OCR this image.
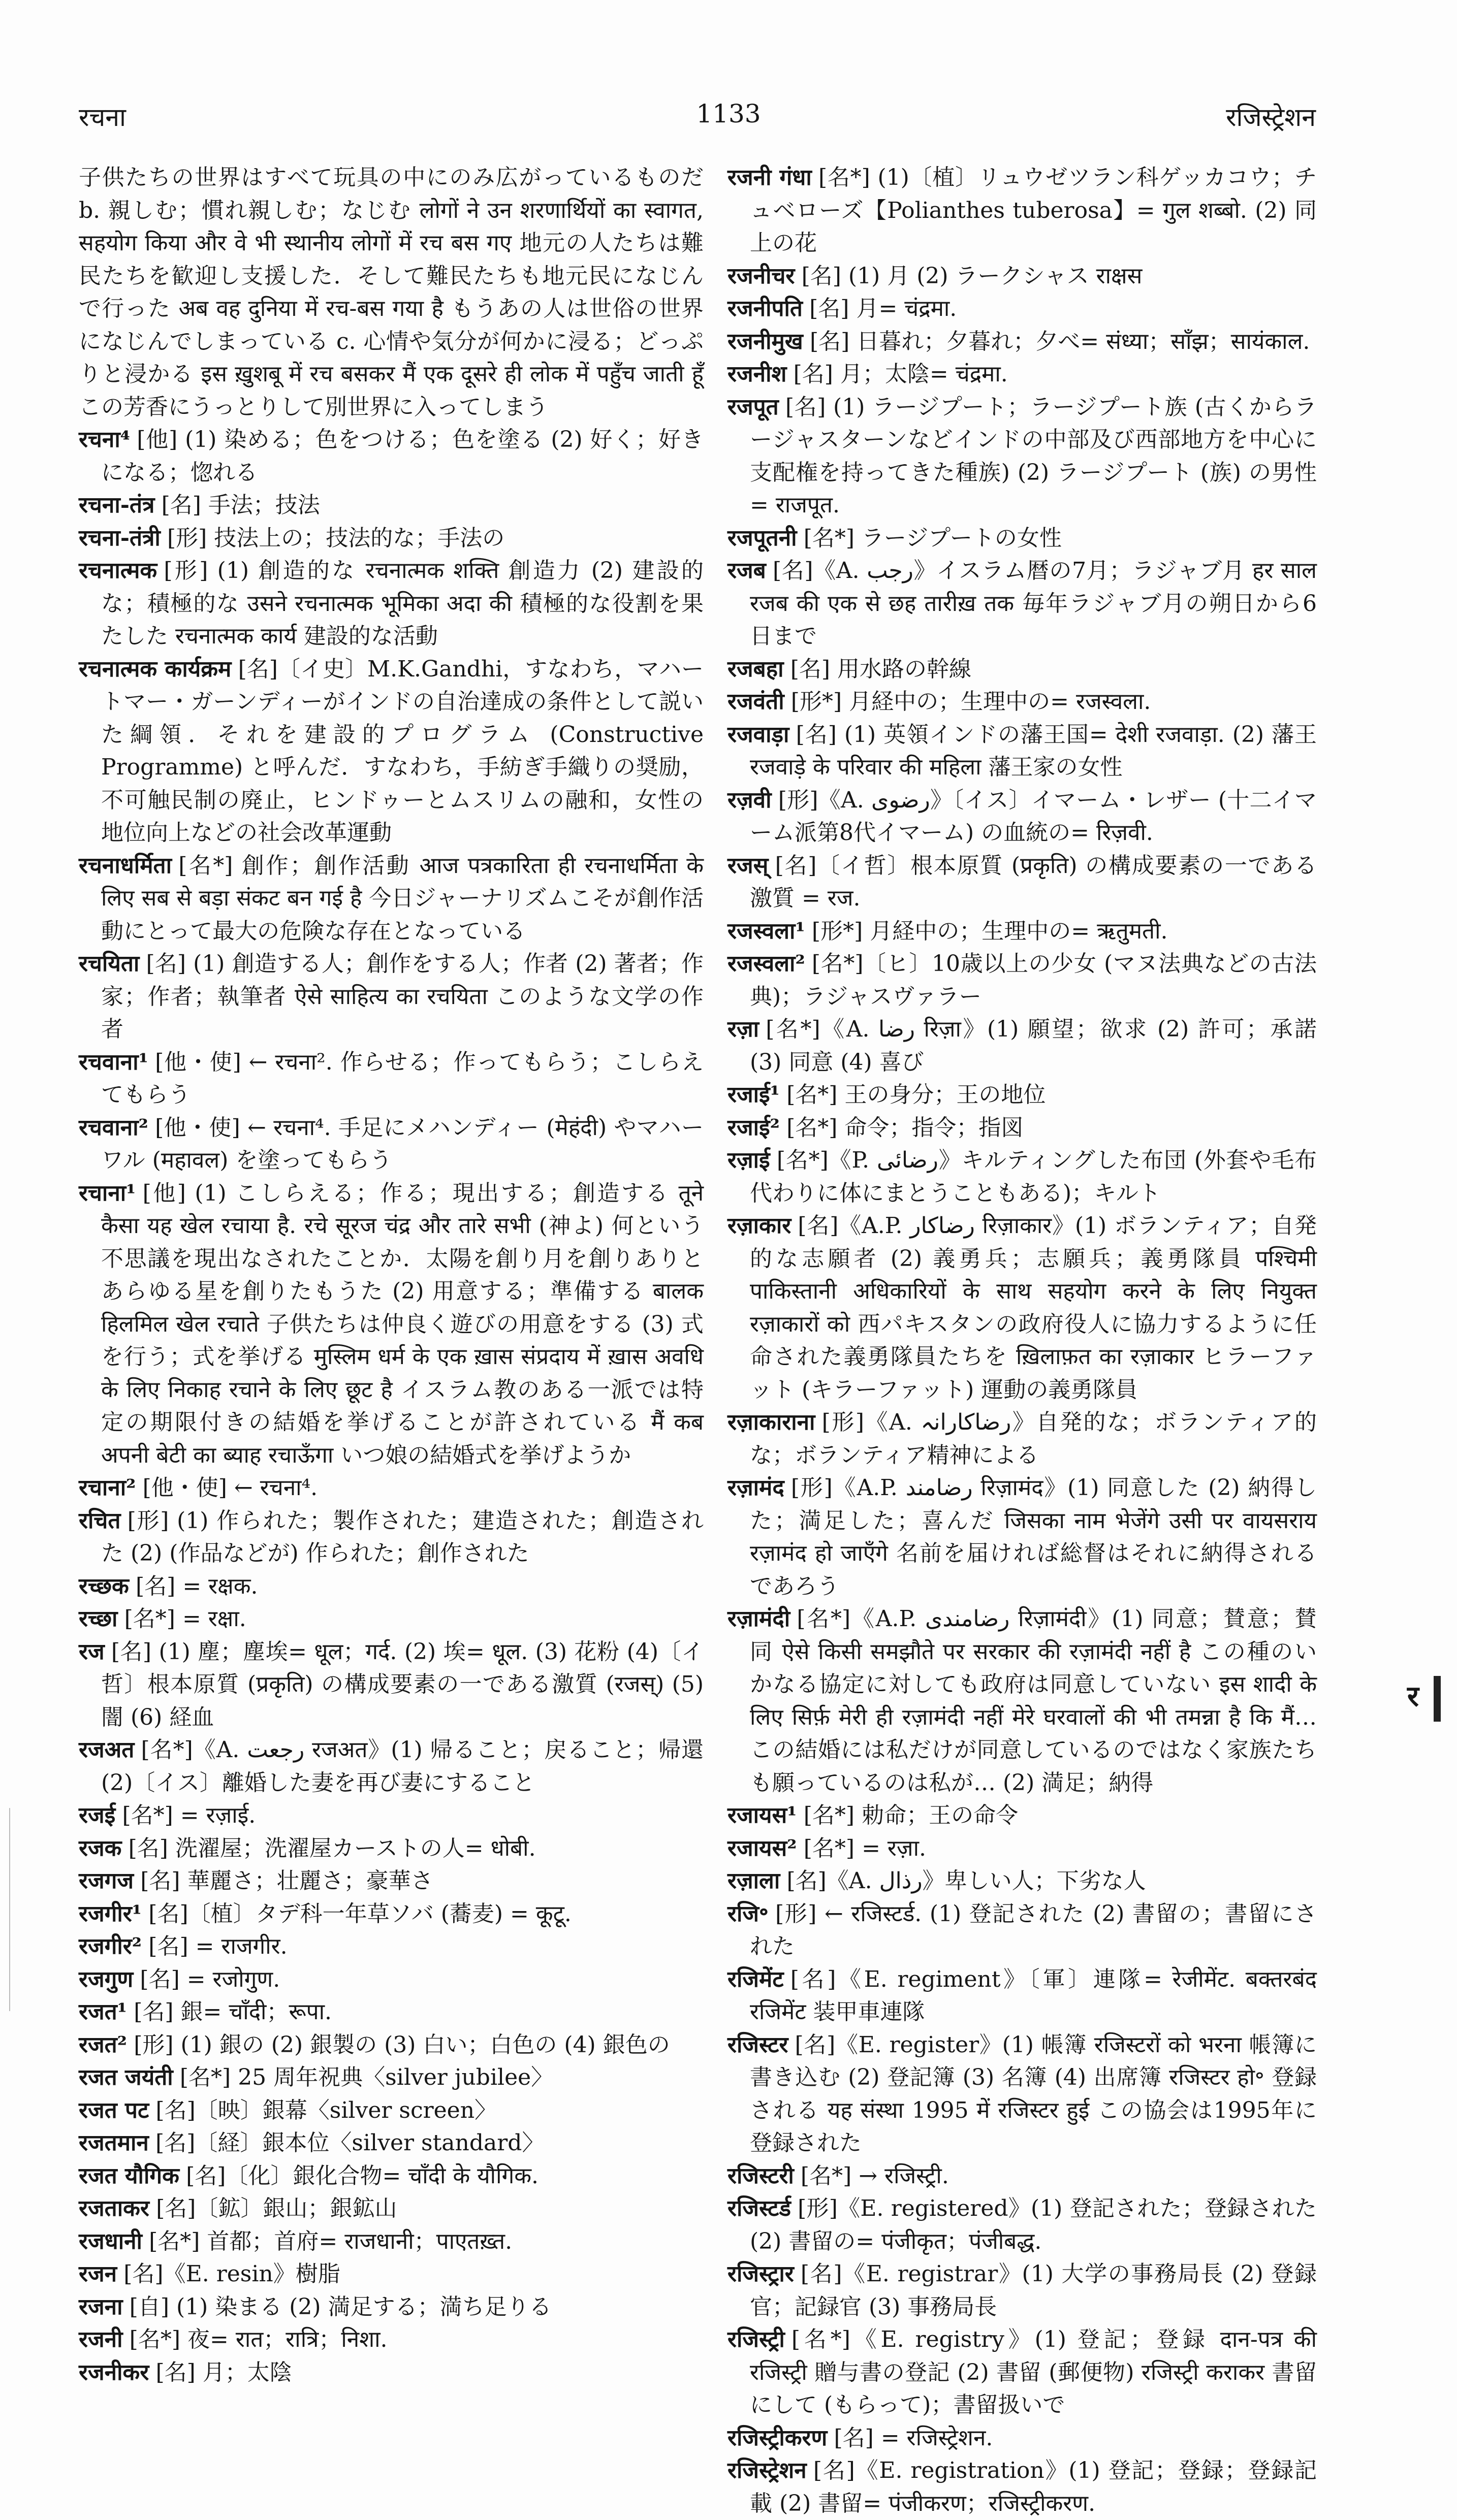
रचना	1133	रजिस्ट्रेशन

子供たちの世界はすべて玩具の中にのみ広がっているものだ b. 親しむ；慣れ親しむ；なじむ लोगों ने उन शरणार्थियों का स्वागत, सहयोग किया और वे भी स्थानीय लोगों में रच बस गए 地元の人たちは難民たちを歓迎し支援した．そして難民たちも地元民になじんで行った अब वह दुनिया में रच-बस गया है もうあの人は世俗の世界になじんでしまっている c. 心情や気分が何かに浸る；どっぷりと浸かる इस ख़ुशबू में रच बसकर मैं एक दूसरे ही लोक में पहुँच जाती हूँ この芳香にうっとりして別世界に入ってしまう

रचना⁴ [他] (1) 染める；色をつける；色を塗る (2) 好く；好きになる；惚れる

रचना-तंत्र [名] 手法；技法

रचना-तंत्री [形] 技法上の；技法的な；手法の

रचनात्मक [形] (1) 創造的な रचनात्मक शक्ति 創造力 (2) 建設的な；積極的な उसने रचनात्मक भूमिका अदा की 積極的な役割を果たした रचनात्मक कार्य 建設的な活動

रचनात्मक कार्यक्रम [名]〔イ史〕M.K.Gandhi，すなわち，マハートマー・ガーンディーがインドの自治達成の条件として説いた綱領．それを建設的プログラム (Constructive Programme) と呼んだ．すなわち，手紡ぎ手織りの奨励，不可触民制の廃止，ヒンドゥーとムスリムの融和，女性の地位向上などの社会改革運動

रचनाधर्मिता [名*] 創作；創作活動 आज पत्रकारिता ही रचनाधर्मिता के लिए सब से बड़ा संकट बन गई है 今日ジャーナリズムこそが創作活動にとって最大の危険な存在となっている

रचयिता [名] (1) 創造する人；創作をする人；作者 (2) 著者；作家；作者；執筆者 ऐसे साहित्य का रचयिता このような文学の作者

रचवाना¹ [他・使] ← रचना². 作らせる；作ってもらう；こしらえてもらう

रचवाना² [他・使] ← रचना⁴. 手足にメハンディー (मेहंदी) やマハーワル (महावल) を塗ってもらう

रचाना¹ [他] (1) こしらえる；作る；現出する；創造する तूने कैसा यह खेल रचाया है. रचे सूरज चंद्र और तारे सभी (神よ) 何という不思議を現出なされたことか．太陽を創り月を創りありとあらゆる星を創りたもうた (2) 用意する；準備する बालक हिलमिल खेल रचाते 子供たちは仲良く遊びの用意をする (3) 式を行う；式を挙げる मुस्लिम धर्म के एक ख़ास संप्रदाय में ख़ास अवधि के लिए निकाह रचाने के लिए छूट है イスラム教のある一派では特定の期限付きの結婚を挙げることが許されている मैं कब अपनी बेटी का ब्याह रचाऊँगा いつ娘の結婚式を挙げようか

रचाना² [他・使] ← रचना⁴.

रचित [形] (1) 作られた；製作された；建造された；創造された (2) (作品などが) 作られた；創作された

रच्छक [名] = रक्षक.

रच्छा [名*] = रक्षा.

रज [名] (1) 塵；塵埃= धूल；गर्द. (2) 埃= धूल. (3) 花粉 (4)〔イ哲〕根本原質 (प्रकृति) の構成要素の一である激質 (रजस्) (5) 闇 (6) 経血

रजअत [名*]《A. رجعت रजअत》(1) 帰ること；戻ること；帰還 (2)〔イス〕離婚した妻を再び妻にすること

रजई [名*] = रज़ाई.

रजक [名] 洗濯屋；洗濯屋カーストの人= धोबी.

रजगज [名] 華麗さ；壮麗さ；豪華さ

रजगीर¹ [名]〔植〕タデ科一年草ソバ (蕎麦) = कूटू.

रजगीर² [名] = राजगीर.

रजगुण [名] = रजोगुण.

रजत¹ [名] 銀= चाँदी；रूपा.

रजत² [形] (1) 銀の (2) 銀製の (3) 白い；白色の (4) 銀色の

रजत जयंती [名*] 25 周年祝典〈silver jubilee〉

रजत पट [名]〔映〕銀幕〈silver screen〉

रजतमान [名]〔経〕銀本位〈silver standard〉

रजत यौगिक [名]〔化〕銀化合物= चाँदी के यौगिक.

रजताकर [名]〔鉱〕銀山；銀鉱山

रजधानी [名*] 首都；首府= राजधानी；पाएतख़्त.

रजन [名]《E. resin》樹脂

रजना [自] (1) 染まる (2) 満足する；満ち足りる

रजनी [名*] 夜= रात；रात्रि；निशा.

रजनीकर [名] 月；太陰

रजनी गंधा [名*] (1)〔植〕リュウゼツラン科ゲッカコウ；チュベローズ【Polianthes tuberosa】= गुल शब्बो. (2) 同上の花

रजनीचर [名] (1) 月 (2) ラークシャス राक्षस

रजनीपति [名] 月= चंद्रमा.

रजनीमुख [名] 日暮れ；夕暮れ；夕べ= संध्या；साँझ；सायंकाल.

रजनीश [名] 月；太陰= चंद्रमा.

रजपूत [名] (1) ラージプート；ラージプート族 (古くからラージャスターンなどインドの中部及び西部地方を中心に支配権を持ってきた種族) (2) ラージプート (族) の男性= राजपूत.

रजपूतनी [名*] ラージプートの女性

रजब [名]《A. رجب》イスラム暦の7月；ラジャブ月 हर साल रजब की एक से छह तारीख़ तक 毎年ラジャブ月の朔日から6日まで

रजबहा [名] 用水路の幹線

रजवंती [形*] 月経中の；生理中の= रजस्वला.

रजवाड़ा [名] (1) 英領インドの藩王国= देशी रजवाड़ा. (2) 藩王 रजवाड़े के परिवार की महिला 藩王家の女性

रज़वी [形]《A. رضوی》〔イス〕イマーム・レザー (十二イマーム派第8代イマーム) の血統の= रिज़वी.

रजस् [名]〔イ哲〕根本原質 (प्रकृति) の構成要素の一である激質 = रज.

रजस्वला¹ [形*] 月経中の；生理中の= ऋतुमती.

रजस्वला² [名*]〔ヒ〕10歳以上の少女 (マヌ法典などの古法典)；ラジャスヴァラー

रज़ा [名*]《A. رضا रिज़ा》(1) 願望；欲求 (2) 許可；承諾 (3) 同意 (4) 喜び

रजाई¹ [名*] 王の身分；王の地位

रजाई² [名*] 命令；指令；指図

रज़ाई [名*]《P. رضائی》キルティングした布団 (外套や毛布代わりに体にまとうこともある)；キルト

रज़ाकार [名]《A.P. رضاکار रिज़ाकार》(1) ボランティア；自発的な志願者 (2) 義勇兵；志願兵；義勇隊員 पश्चिमी पाकिस्तानी अधिकारियों के साथ सहयोग करने के लिए नियुक्त रज़ाकारों को 西パキスタンの政府役人に協力するように任命された義勇隊員たちを ख़िलाफ़त का रज़ाकार ヒラーファット (キラーファット) 運動の義勇隊員

रज़ाकाराना [形]《A. رضاکارانہ》自発的な；ボランティア的な；ボランティア精神による

रज़ामंद [形]《A.P. رضامند रिज़ामंद》(1) 同意した (2) 納得した；満足した；喜んだ जिसका नाम भेजेंगे उसी पर वायसराय रज़ामंद हो जाएँगे 名前を届ければ総督はそれに納得されるであろう

रज़ामंदी [名*]《A.P. رضامندی रिज़ामंदी》(1) 同意；賛意；賛同 ऐसे किसी समझौते पर सरकार की रज़ामंदी नहीं है この種のいかなる協定に対しても政府は同意していない इस शादी के लिए सिर्फ़ मेरी ही रज़ामंदी नहीं मेरे घरवालों की भी तमन्ना है कि मैं…この結婚には私だけが同意しているのではなく家族たちも願っているのは私が… (2) 満足；納得

रजायस¹ [名*] 勅命；王の命令

रजायस² [名*] = रज़ा.

रज़ाला [名]《A. رذال》卑しい人；下劣な人

रजि॰ [形] ← रजिस्टर्ड. (1) 登記された (2) 書留の；書留にされた

रजिमेंट [名]《E. regiment》〔軍〕連隊= रेजीमेंट. बक्तरबंद रजिमेंट 装甲車連隊

रजिस्टर [名]《E. register》(1) 帳簿 रजिस्टरों को भरना 帳簿に書き込む (2) 登記簿 (3) 名簿 (4) 出席簿 रजिस्टर हो॰ 登録される यह संस्था 1995 में रजिस्टर हुई この協会は1995年に登録された

रजिस्टरी [名*] → रजिस्ट्री.

रजिस्टर्ड [形]《E. registered》(1) 登記された；登録された (2) 書留の= पंजीकृत；पंजीबद्ध.

रजिस्ट्रार [名]《E. registrar》(1) 大学の事務局長 (2) 登録官；記録官 (3) 事務局長

रजिस्ट्री [名*]《E. registry》(1) 登記；登録 दान-पत्र की रजिस्ट्री 贈与書の登記 (2) 書留 (郵便物) रजिस्ट्री कराकर 書留にして (もらって)；書留扱いで

रजिस्ट्रीकरण [名] = रजिस्ट्रेशन.

रजिस्ट्रेशन [名]《E. registration》(1) 登記；登録；登録記載 (2) 書留= पंजीकरण；रजिस्ट्रीकरण.

र
